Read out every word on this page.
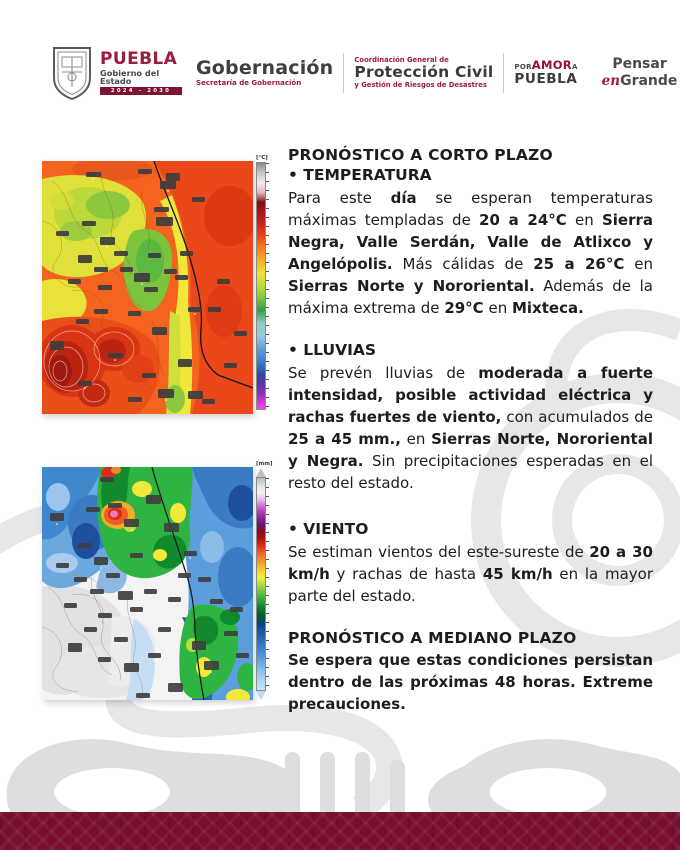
PUEBLA
Gobierno del Estado
2024 - 2030
Gobernación
Secretaría de Gobernación
Coordinación General de
Protección Civil
y Gestión de Riesgos de Desastres
PORAMORA
PUEBLA
Pensar
enGrande
[°C]
[mm]
PRONÓSTICO A CORTO PLAZO
• TEMPERATURA

Para este día se esperan temperaturas máximas templadas de 20 a 24°C en Sierra Negra, Valle Serdán, Valle de Atlixco y Angelópolis. Más cálidas de 25 a 26°C en Sierras Norte y Nororiental. Además de la máxima extrema de 29°C en Mixteca.

• LLUVIAS

Se prevén lluvias de moderada a fuerte intensidad, posible actividad eléctrica y rachas fuertes de viento, con acumulados de 25 a 45 mm., en Sierras Norte, Nororiental y Negra. Sin precipitaciones esperadas en el resto del estado.

• VIENTO

Se estiman vientos del este-sureste de 20 a 30 km/h y rachas de hasta 45 km/h en la mayor parte del estado.

PRONÓSTICO A MEDIANO PLAZO

Se espera que estas condiciones persistan dentro de las próximas 48 horas. Extreme precauciones.
